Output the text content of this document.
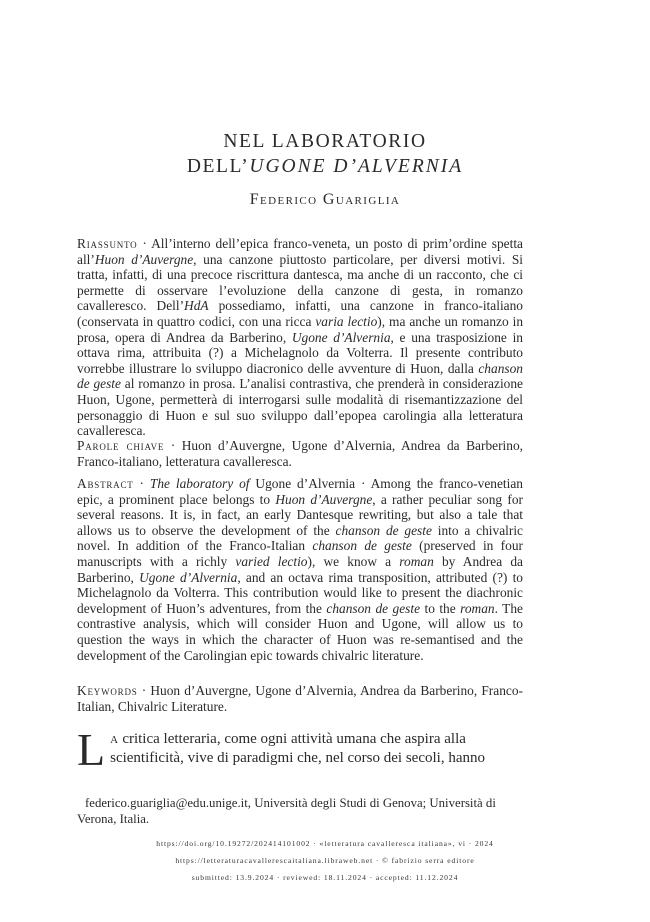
NEL LABORATORIO
DELL’UGONE D’ALVERNIA
Federico Guariglia

Riassunto · All’interno dell’epica franco-veneta, un posto di prim’ordine spetta all’Huon d’Auvergne, una canzone piuttosto particolare, per diversi motivi. Si tratta, infatti, di una precoce riscrittura dantesca, ma anche di un racconto, che ci permette di osservare l’evoluzione della canzone di gesta, in romanzo cavalleresco. Dell’HdA possediamo, infatti, una canzone in franco-italiano (conservata in quattro codici, con una ricca varia lectio), ma anche un romanzo in prosa, opera di Andrea da Barberino, Ugone d’Alvernia, e una trasposizione in ottava rima, attribuita (?) a Michelagnolo da Volterra. Il presente contributo vorrebbe illustrare lo sviluppo diacronico delle avventure di Huon, dalla chanson de geste al romanzo in prosa. L’analisi contrastiva, che prenderà in considerazione Huon, Ugone, permetterà di interrogarsi sulle modalità di risemantizzazione del personaggio di Huon e sul suo sviluppo dall’epopea carolingia alla letteratura cavalleresca.

Parole chiave · Huon d’Auvergne, Ugone d’Alvernia, Andrea da Barberino, Franco-italiano, letteratura cavalleresca.

Abstract · The laboratory of Ugone d’Alvernia · Among the franco-venetian epic, a prominent place belongs to Huon d’Auvergne, a rather peculiar song for several reasons. It is, in fact, an early Dantesque rewriting, but also a tale that allows us to observe the development of the chanson de geste into a chivalric novel. In addition of the Franco-Italian chanson de geste (preserved in four manuscripts with a richly varied lectio), we know a roman by Andrea da Barberino, Ugone d’Alvernia, and an octava rima transposition, attributed (?) to Michelagnolo da Volterra. This contribution would like to present the diachronic development of Huon’s adventures, from the chanson de geste to the roman. The contrastive analysis, which will consider Huon and Ugone, will allow us to question the ways in which the character of Huon was re-semantised and the development of the Carolingian epic towards chivalric literature.

Keywords · Huon d’Auvergne, Ugone d’Alvernia, Andrea da Barberino, Franco-Italian, Chivalric Literature.

La critica letteraria, come ogni attività umana che aspira alla scientificità, vive di paradigmi che, nel corso dei secoli, hanno

federico.guariglia@edu.unige.it, Università degli Studi di Genova; Università di Verona, Italia.

https://doi.org/10.19272/202414101002 · «letteratura cavalleresca italiana», vi · 2024
https://letteraturacavallerescaitaliana.libraweb.net · © fabrizio serra editore
submitted: 13.9.2024 · reviewed: 18.11.2024 · accepted: 11.12.2024
